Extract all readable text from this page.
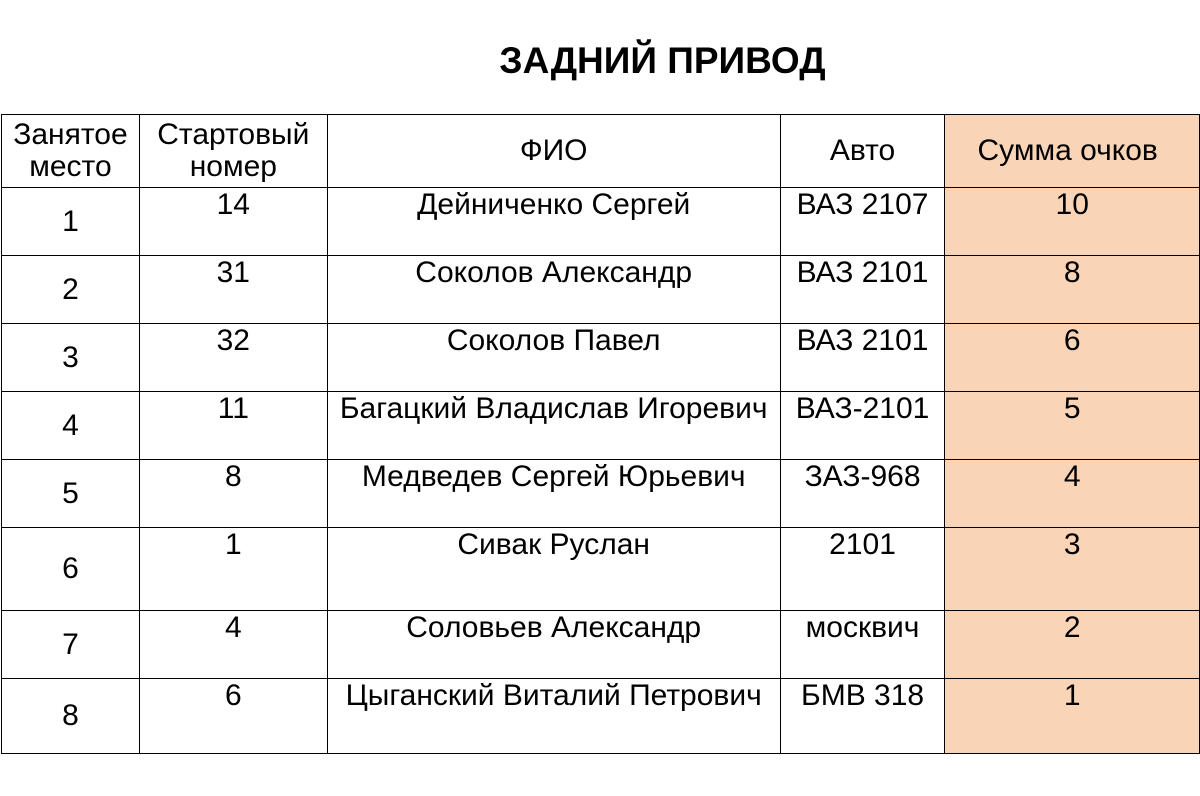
ЗАДНИЙ ПРИВОД
Занятое место	Стартовый номер	ФИО	Авто	Сумма очков
1	14	Дейниченко Сергей	ВАЗ 2107	10
2	31	Соколов Александр	ВАЗ 2101	8
3	32	Соколов Павел	ВАЗ 2101	6
4	11	Багацкий Владислав Игоревич	ВАЗ-2101	5
5	8	Медведев Сергей Юрьевич	ЗАЗ-968	4
6	1	Сивак Руслан	2101	3
7	4	Соловьев Александр	москвич	2
8	6	Цыганский Виталий Петрович	БМВ 318	1
